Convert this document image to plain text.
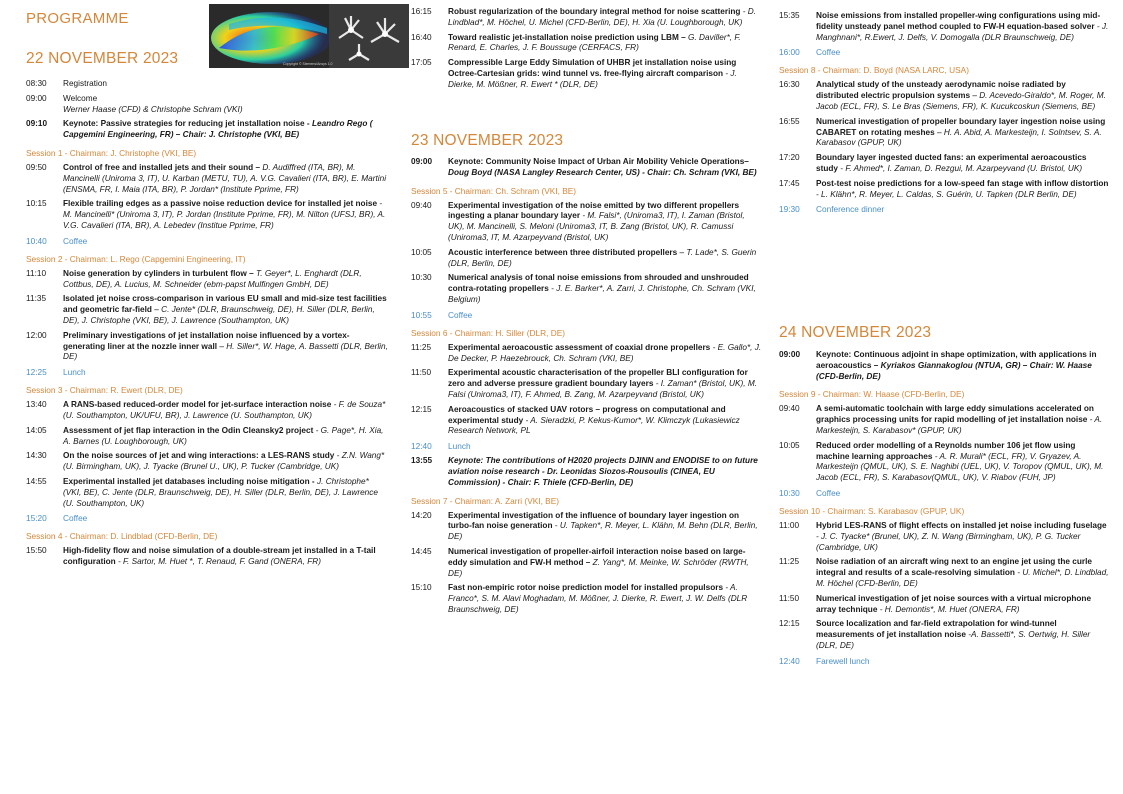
PROGRAMME
Copyright © Siemens/Ansys 1.0
22 NOVEMBER 2023
08:30	Registration
09:00	Welcome
Werner Haase (CFD) & Christophe Schram (VKI)
09:10	Keynote: Passive strategies for reducing jet installation noise - Leandro Rego ( Capgemini Engineering, FR) – Chair: J. Christophe (VKI, BE)
Session 1 - Chairman: J. Christophe (VKI, BE)
09:50	Control of free and installed jets and their sound – D. Audiffred (ITA, BR), M. Mancinelli (Uniroma 3, IT), U. Karban (METU, TU), A. V.G. Cavalieri (ITA, BR), E. Martini (ENSMA, FR, I. Maia (ITA, BR), P. Jordan* (Institute Pprime, FR)
10:15	Flexible trailing edges as a passive noise reduction device for installed jet noise - M. Mancinelli* (Uniroma 3, IT), P. Jordan (Institute Pprime, FR), M. Nilton (UFSJ, BR), A. V.G. Cavalieri (ITA, BR), A. Lebedev (Institue Pprime, FR)
10:40 Coffee
Session 2 - Chairman: L. Rego (Capgemini Engineering, IT)
11:10	Noise generation by cylinders in turbulent flow – T. Geyer*, L. Enghardt (DLR, Cottbus, DE), A. Lucius, M. Schneider (ebm-papst Mulfingen GmbH, DE)
11:35	Isolated jet noise cross-comparison in various EU small and mid-size test facilities and geometric far-field – C. Jente* (DLR, Braunschweig, DE), H. Siller (DLR, Berlin, DE), J. Christophe (VKI, BE), J. Lawrence (Southampton, UK)
12:00	Preliminary investigations of jet installation noise influenced by a vortex-generating liner at the nozzle inner wall – H. Siller*, W. Hage, A. Bassetti (DLR, Berlin, DE)
12:25 Lunch
Session 3 - Chairman: R. Ewert (DLR, DE)
13:40	A RANS-based reduced-order model for jet-surface interaction noise - F. de Souza* (U. Southampton, UK/UFU, BR), J. Lawrence (U. Southampton, UK)
14:05	Assessment of jet flap interaction in the Odin Cleansky2 project - G. Page*, H. Xia, A. Barnes (U. Loughborough, UK)
14:30	On the noise sources of jet and wing interactions: a LES-RANS study - Z.N. Wang* (U. Birmingham, UK), J. Tyacke (Brunel U., UK), P. Tucker (Cambridge, UK)
14:55	Experimental installed jet databases including noise mitigation - J. Christophe* (VKI, BE), C. Jente (DLR, Braunschweig, DE), H. Siller (DLR, Berlin, DE), J. Lawrence (U. Southampton, UK)
15:20 Coffee
Session 4 - Chairman: D. Lindblad (CFD-Berlin, DE)
15:50	High-fidelity flow and noise simulation of a double-stream jet installed in a T-tail configuration - F. Sartor, M. Huet *, T. Renaud, F. Gand (ONERA, FR)
16:15	Robust regularization of the boundary integral method for noise scattering - D. Lindblad*, M. Höchel, U. Michel (CFD-Berlin, DE), H. Xia (U. Loughborough, UK)
16:40	Toward realistic jet-installation noise prediction using LBM – G. Daviller*, F. Renard, E. Charles, J. F. Boussuge (CERFACS, FR)
17:05	Compressible Large Eddy Simulation of UHBR jet installation noise using Octree-Cartesian grids: wind tunnel vs. free-flying aircraft comparison - J. Dierke, M. Mößner, R. Ewert * (DLR, DE)
23 NOVEMBER 2023
09:00	Keynote: Community Noise Impact of Urban Air Mobility Vehicle Operations– Doug Boyd (NASA Langley Research Center, US) - Chair: Ch. Schram (VKI, BE)
Session 5 - Chairman: Ch. Schram (VKI, BE)
09:40	Experimental investigation of the noise emitted by two different propellers ingesting a planar boundary layer - M. Falsi*, (Uniroma3, IT), I. Zaman (Bristol, UK), M. Mancinelli, S. Meloni (Uniroma3, IT, B. Zang (Bristol, UK), R. Camussi (Uniroma3, IT, M. Azarpeyvand (Bristol, UK)
10:05	Acoustic interference between three distributed propellers – T. Lade*, S. Guerin (DLR, Berlin, DE)
10:30	Numerical analysis of tonal noise emissions from shrouded and unshrouded contra-rotating propellers - J. E. Barker*, A. Zarri, J. Christophe, Ch. Schram (VKI, Belgium)
10:55 Coffee
Session 6 - Chairman: H. Siller (DLR, DE)
11:25	Experimental aeroacoustic assessment of coaxial drone propellers - E. Gallo*, J. De Decker, P. Haezebrouck, Ch. Schram (VKI, BE)
11:50	Experimental acoustic characterisation of the propeller BLI configuration for zero and adverse pressure gradient boundary layers - I. Zaman* (Bristol, UK), M. Falsi (Uniroma3, IT), F. Ahmed, B. Zang, M. Azarpeyvand (Bristol, UK)
12:15	Aeroacoustics of stacked UAV rotors – progress on computational and experimental study - A. Sieradzki, P. Kekus-Kumor*, W. Klimczyk (Lukasiewicz Research Network, PL
12:40 Lunch
13:55	Keynote: The contributions of H2020 projects DJINN and ENODISE to on future aviation noise research - Dr. Leonidas Siozos-Rousoulis (CINEA, EU Commission) - Chair: F. Thiele (CFD-Berlin, DE)
Session 7 - Chairman: A. Zarri (VKI, BE)
14:20	Experimental investigation of the influence of boundary layer ingestion on turbo-fan noise generation - U. Tapken*, R. Meyer, L. Klähn, M. Behn (DLR, Berlin, DE)
14:45	Numerical investigation of propeller-airfoil interaction noise based on large-eddy simulation and FW-H method – Z. Yang*, M. Meinke, W. Schröder (RWTH, DE)
15:10	Fast non-empiric rotor noise prediction model for installed propulsors - A. Franco*, S. M. Alavi Moghadam, M. Mößner, J. Dierke, R. Ewert, J. W. Delfs (DLR Braunschweig, DE)
15:35	Noise emissions from installed propeller-wing configurations using mid-fidelity unsteady panel method coupled to FW-H equation-based solver - J. Manghnani*, R.Ewert, J. Delfs, V. Domogalla (DLR Braunschweig, DE)
16:00 Coffee
Session 8 - Chairman: D. Boyd (NASA LARC, USA)
16:30	Analytical study of the unsteady aerodynamic noise radiated by distributed electric propulsion systems – D. Acevedo-Giraldo*, M. Roger, M. Jacob (ECL, FR), S. Le Bras (Siemens, FR), K. Kucukcoskun (Siemens, BE)
16:55	Numerical investigation of propeller boundary layer ingestion noise using CABARET on rotating meshes – H. A. Abid, A. Markesteijn, I. Solntsev, S. A. Karabasov (GPUP, UK)
17:20	Boundary layer ingested ducted fans: an experimental aeroacoustics study - F. Ahmed*, I. Zaman, D. Rezgui, M. Azarpeyvand (U. Bristol, UK)
17:45	Post-test noise predictions for a low-speed fan stage with inflow distortion - L. Klähn*, R. Meyer, L. Caldas, S. Guérin, U. Tapken (DLR Berlin, DE)
19:30 Conference dinner
24 NOVEMBER 2023
09:00	Keynote: Continuous adjoint in shape optimization, with applications in aeroacoustics – Kyriakos Giannakoglou (NTUA, GR) – Chair: W. Haase (CFD-Berlin, DE)
Session 9 - Chairman: W. Haase (CFD-Berlin, DE)
09:40	A semi-automatic toolchain with large eddy simulations accelerated on graphics processing units for rapid modelling of jet installation noise - A. Markesteijn, S. Karabasov* (GPUP, UK)
10:05	Reduced order modelling of a Reynolds number 106 jet flow using machine learning approaches - A. R. Murali* (ECL, FR), V. Gryazev, A. Markesteijn (QMUL, UK), S. E. Naghibi (UEL, UK), V. Toropov (QMUL, UK), M. Jacob (ECL, FR), S. Karabasov(QMUL, UK), V. Riabov (FUH, JP)
10:30 Coffee
Session 10 - Chairman: S. Karabasov (GPUP, UK)
11:00	Hybrid LES-RANS of flight effects on installed jet noise including fuselage - J. C. Tyacke* (Brunel, UK), Z. N. Wang (Birmingham, UK), P. G. Tucker (Cambridge, UK)
11:25	Noise radiation of an aircraft wing next to an engine jet using the curle integral and results of a scale-resolving simulation - U. Michel*, D. Lindblad, M. Höchel (CFD-Berlin, DE)
11:50	Numerical investigation of jet noise sources with a virtual microphone array technique - H. Demontis*, M. Huet (ONERA, FR)
12:15	Source localization and far-field extrapolation for wind-tunnel measurements of jet installation noise -A. Bassetti*, S. Oertwig, H. Siller (DLR, DE)
12:40 Farewell lunch
